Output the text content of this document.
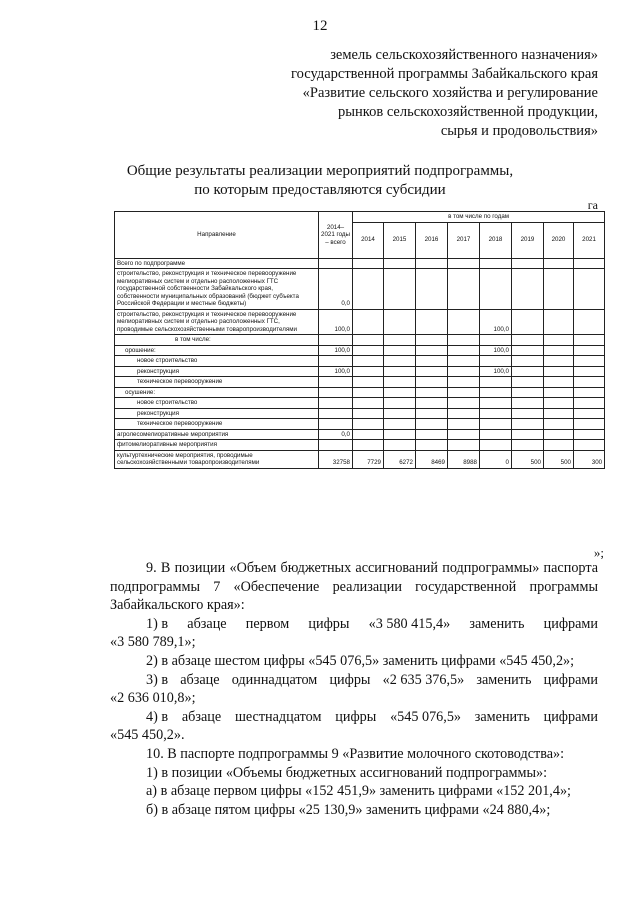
12
земель сельскохозяйственного назначения»
государственной программы Забайкальского края
«Развитие сельского хозяйства и регулирование
рынков сельскохозяйственной продукции,
сырья и продовольствия»
Общие результаты реализации мероприятий подпрограммы,
по которым предоставляются субсидии
га
Направление	2014–2021 годы – всего	в том числе по годам							
		2014	2015	2016	2017	2018	2019	2020	2021
Всего по подпрограмме									
строительство, реконструкция и техническое перевооружение мелиоративных систем и отдельно расположенных ГТС государственной собственности Забайкальского края, собственности муниципальных образований (бюджет субъекта Российской Федерации и местные бюджеты)	0,0								
строительство, реконструкция и техническое перевооружение мелиоративных систем и отдельно расположенных ГТС, проводимые сельскохозяйственными товаропроизводителями	100,0					100,0			
в том числе:									
орошение:	100,0					100,0			
новое строительство									
реконструкция	100,0					100,0			
техническое перевооружение									
осушение:									
новое строительство									
реконструкция									
техническое перевооружение									
агролесомелиоративные мероприятия	0,0								
фитомелиоративные мероприятия									
культуртехнические мероприятия, проводимые сельскохозяйственными товаропроизводителями	32758	7729	6272	8469	8988	0	500	500	300
»;

9. В позиции «Объем бюджетных ассигнований подпрограммы» паспорта подпрограммы 7 «Обеспечение реализации государственной программы Забайкальского края»:

1) в абзаце первом цифры «3 580 415,4» заменить цифрами

«3 580 789,1»;

2) в абзаце шестом цифры «545 076,5» заменить цифрами «545 450,2»;

3) в абзаце одиннадцатом цифры «2 635 376,5» заменить цифрами

«2 636 010,8»;

4) в абзаце шестнадцатом цифры «545 076,5» заменить цифрами

«545 450,2».

10. В паспорте подпрограммы 9 «Развитие молочного скотоводства»:

1) в позиции «Объемы бюджетных ассигнований подпрограммы»:

а) в абзаце первом цифры «152 451,9» заменить цифрами «152 201,4»;

б) в абзаце пятом цифры «25 130,9» заменить цифрами «24 880,4»;
